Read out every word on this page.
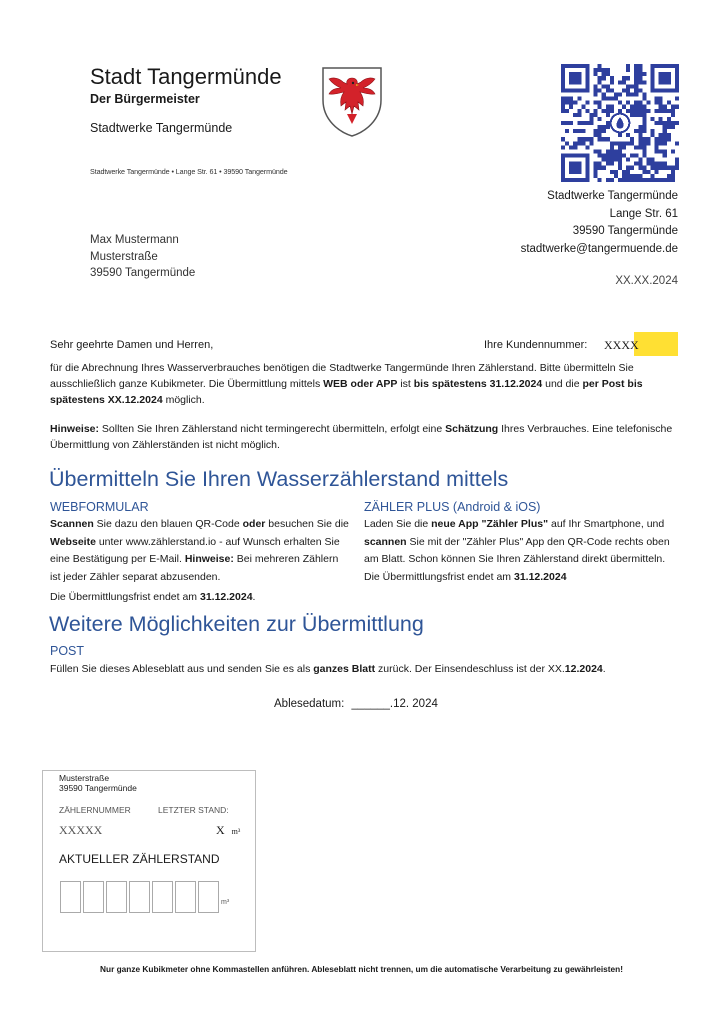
Stadt Tangermünde
Der Bürgermeister
Stadtwerke Tangermünde
Stadtwerke Tangermünde • Lange Str. 61 • 39590 Tangermünde
Stadtwerke Tangermünde
Lange Str. 61
39590 Tangermünde
stadtwerke@tangermuende.de
XX.XX.2024
Max Mustermann
Musterstraße
39590 Tangermünde
Sehr geehrte Damen und Herren,	Ihre Kundennummer: XXXX
für die Abrechnung Ihres Wasserverbrauches benötigen die Stadtwerke Tangermünde Ihren Zählerstand. Bitte übermitteln Sie ausschließlich ganze Kubikmeter. Die Übermittlung mittels WEB oder APP ist bis spätestens 31.12.2024 und die per Post bis spätestens XX.12.2024 möglich.
Hinweise: Sollten Sie Ihren Zählerstand nicht termingerecht übermitteln, erfolgt eine Schätzung Ihres Verbrauches. Eine telefonische Übermittlung von Zählerständen ist nicht möglich.
Übermitteln Sie Ihren Wasserzählerstand mittels
WEBFORMULAR
Scannen Sie dazu den blauen QR-Code oder besuchen Sie die Webseite unter www.zählerstand.io - auf Wunsch erhalten Sie eine Bestätigung per E-Mail. Hinweise: Bei mehreren Zählern ist jeder Zähler separat abzusenden.
Die Übermittlungsfrist endet am 31.12.2024.
ZÄHLER PLUS (Android & iOS)
Laden Sie die neue App "Zähler Plus" auf Ihr Smartphone, und scannen Sie mit der "Zähler Plus" App den QR-Code rechts oben am Blatt. Schon können Sie Ihren Zählerstand direkt übermitteln. Die Übermittlungsfrist endet am 31.12.2024
Weitere Möglichkeiten zur Übermittlung
POST
Füllen Sie dieses Ableseblatt aus und senden Sie es als ganzes Blatt zurück. Der Einsendeschluss ist der XX.12.2024.
Ablesedatum: ______.12. 2024
Musterstraße
39590 Tangermünde
ZÄHLERNUMMER	LETZTER STAND:
XXXXX	X m³
AKTUELLER ZÄHLERSTAND
m³
Nur ganze Kubikmeter ohne Kommastellen anführen. Ableseblatt nicht trennen, um die automatische Verarbeitung zu gewährleisten!
